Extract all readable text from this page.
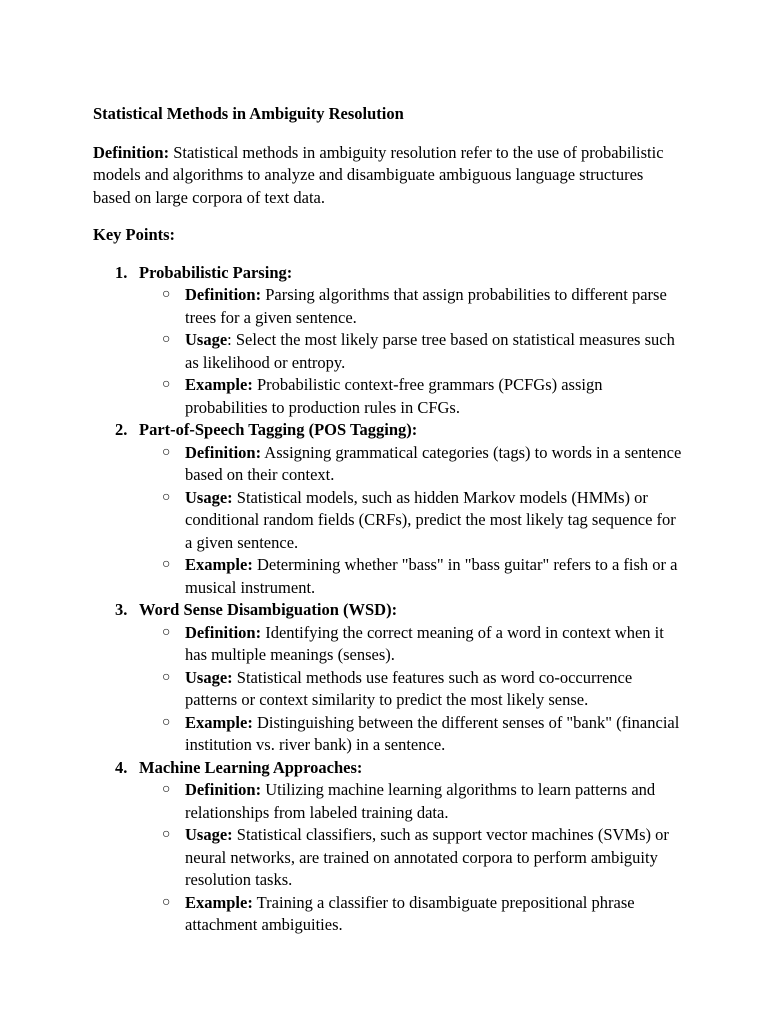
Statistical Methods in Ambiguity Resolution

Definition: Statistical methods in ambiguity resolution refer to the use of probabilistic models and algorithms to analyze and disambiguate ambiguous language structures based on large corpora of text data.

Key Points:

1. Probabilistic Parsing:
○ Definition: Parsing algorithms that assign probabilities to different parse trees for a given sentence.
○ Usage: Select the most likely parse tree based on statistical measures such as likelihood or entropy.
○ Example: Probabilistic context-free grammars (PCFGs) assign probabilities to production rules in CFGs.
2. Part-of-Speech Tagging (POS Tagging):
○ Definition: Assigning grammatical categories (tags) to words in a sentence based on their context.
○ Usage: Statistical models, such as hidden Markov models (HMMs) or conditional random fields (CRFs), predict the most likely tag sequence for a given sentence.
○ Example: Determining whether "bass" in "bass guitar" refers to a fish or a musical instrument.
3. Word Sense Disambiguation (WSD):
○ Definition: Identifying the correct meaning of a word in context when it has multiple meanings (senses).
○ Usage: Statistical methods use features such as word co-occurrence patterns or context similarity to predict the most likely sense.
○ Example: Distinguishing between the different senses of "bank" (financial institution vs. river bank) in a sentence.
4. Machine Learning Approaches:
○ Definition: Utilizing machine learning algorithms to learn patterns and relationships from labeled training data.
○ Usage: Statistical classifiers, such as support vector machines (SVMs) or neural networks, are trained on annotated corpora to perform ambiguity resolution tasks.
○ Example: Training a classifier to disambiguate prepositional phrase attachment ambiguities.
